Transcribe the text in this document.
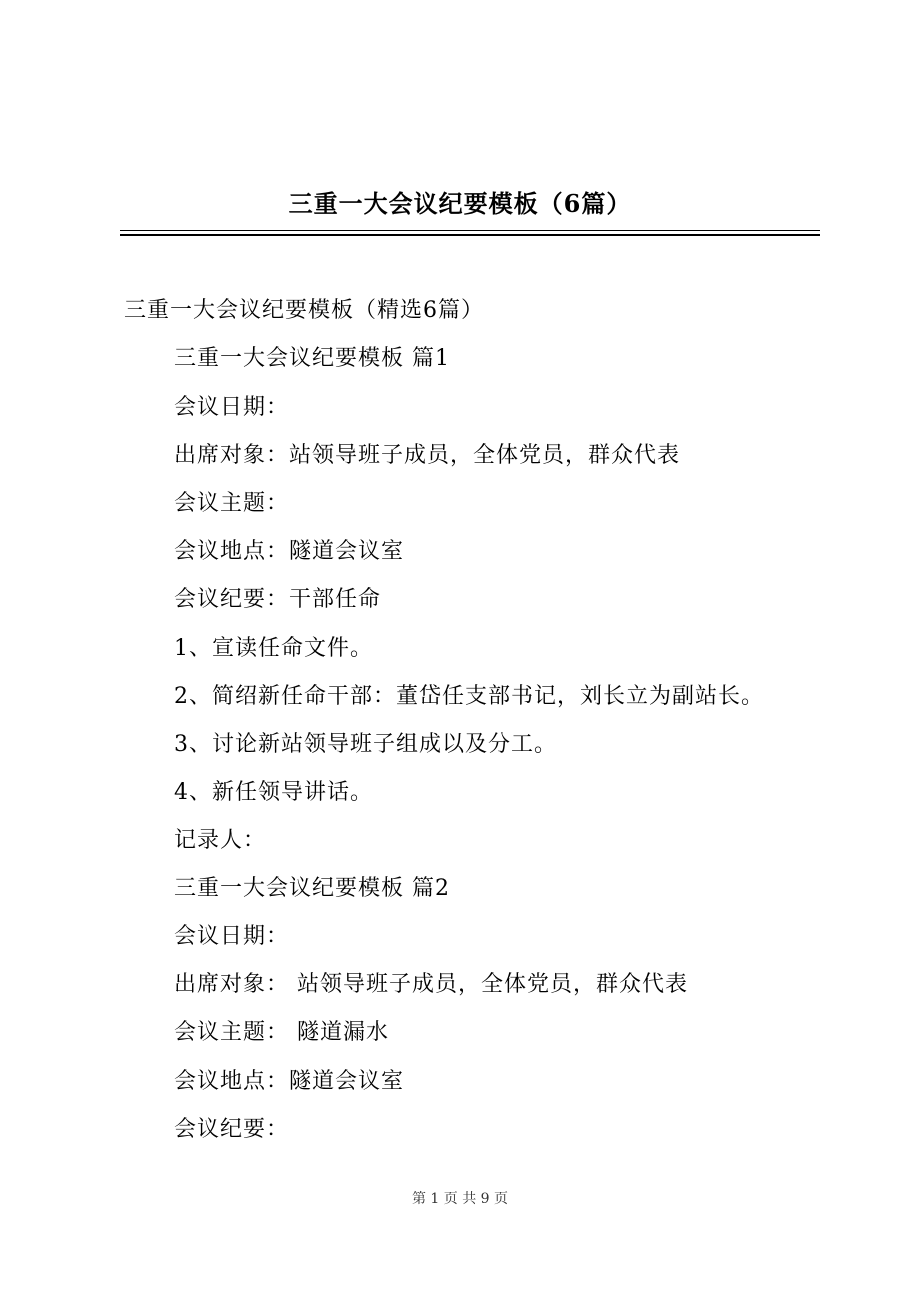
三重一大会议纪要模板（6篇）
三重一大会议纪要模板（精选6篇）
三重一大会议纪要模板 篇1
会议日期：
出席对象：站领导班子成员，全体党员，群众代表
会议主题：
会议地点：隧道会议室
会议纪要：干部任命
1、宣读任命文件。
2、简绍新任命干部：董岱任支部书记，刘长立为副站长。
3、讨论新站领导班子组成以及分工。
4、新任领导讲话。
记录人：
三重一大会议纪要模板 篇2
会议日期：
出席对象： 站领导班子成员，全体党员，群众代表
会议主题： 隧道漏水
会议地点：隧道会议室
会议纪要：
第 1 页 共 9 页
